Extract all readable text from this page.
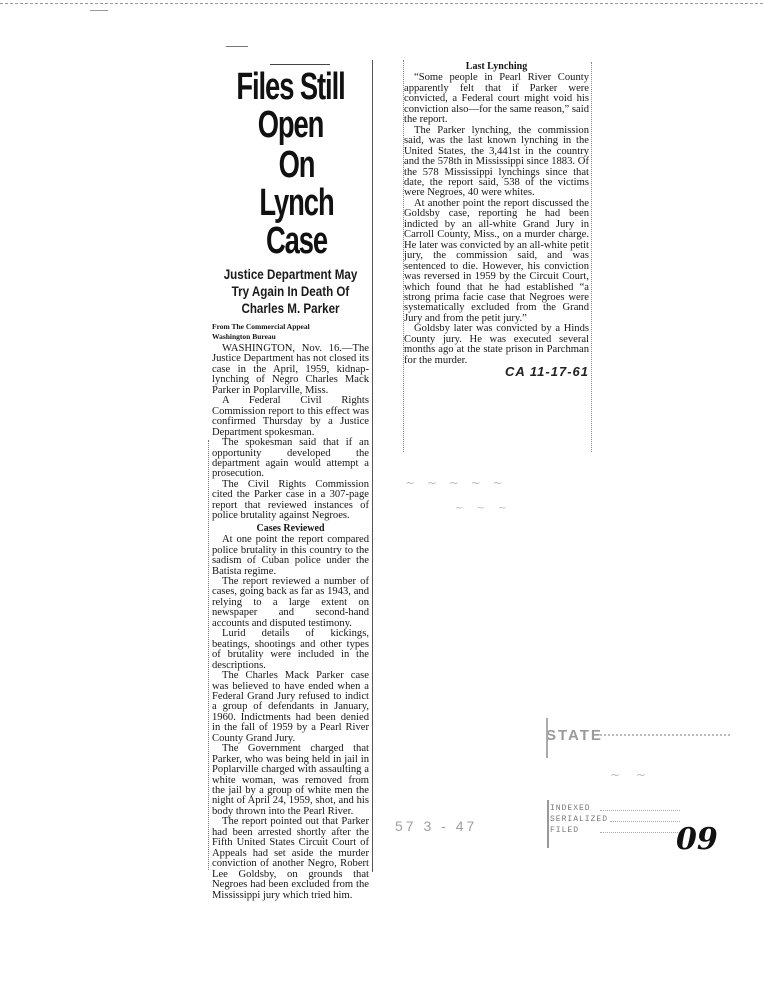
Files Still Open
On Lynch Case
Justice Department May Try Again In Death Of Charles M. Parker
From The Commercial Appeal
Washington Bureau

WASHINGTON, Nov. 16.—The Justice Department has not closed its case in the April, 1959, kidnap-lynching of Negro Charles Mack Parker in Poplarville, Miss.

A Federal Civil Rights Commission report to this effect was confirmed Thursday by a Justice Department spokesman.

The spokesman said that if an opportunity developed the department again would attempt a prosecution.

The Civil Rights Commission cited the Parker case in a 307-page report that reviewed instances of police brutality against Negroes.

Cases Reviewed

At one point the report compared police brutality in this country to the sadism of Cuban police under the Batista regime.

The report reviewed a number of cases, going back as far as 1943, and relying to a large extent on newspaper and second-hand accounts and disputed testimony.

Lurid details of kickings, beatings, shootings and other types of brutality were included in the descriptions.

The Charles Mack Parker case was believed to have ended when a Federal Grand Jury refused to indict a group of defendants in January, 1960. Indictments had been denied in the fall of 1959 by a Pearl River County Grand Jury.

The Government charged that Parker, who was being held in jail in Poplarville charged with assaulting a white woman, was removed from the jail by a group of white men the night of April 24, 1959, shot, and his body thrown into the Pearl River.

The report pointed out that Parker had been arrested shortly after the Fifth United States Circuit Court of Appeals had set aside the murder conviction of another Negro, Robert Lee Goldsby, on grounds that Negroes had been excluded from the Mississippi jury which tried him.

Last Lynching

“Some people in Pearl River County apparently felt that if Parker were convicted, a Federal court might void his conviction also—for the same reason,” said the report.

The Parker lynching, the commission said, was the last known lynching in the United States, the 3,441st in the country and the 578th in Mississippi since 1883. Of the 578 Mississippi lynchings since that date, the report said, 538 of the victims were Negroes, 40 were whites.

At another point the report discussed the Goldsby case, reporting he had been indicted by an all-white Grand Jury in Carroll County, Miss., on a murder charge. He later was convicted by an all-white petit jury, the commission said, and was sentenced to die. However, his conviction was reversed in 1959 by the Circuit Court, which found that he had established “a strong prima facie case that Negroes were systematically excluded from the Grand Jury and from the petit jury.”

Goldsby later was convicted by a Hinds County jury. He was executed several months ago at the state prison in Parchman for the murder.

CA 11-17-61

~ ~ ~ ~ ~
~ ~ ~
~ ~
STATE
INDEXED
SERIALIZED
FILED
57 3 - 47	09
